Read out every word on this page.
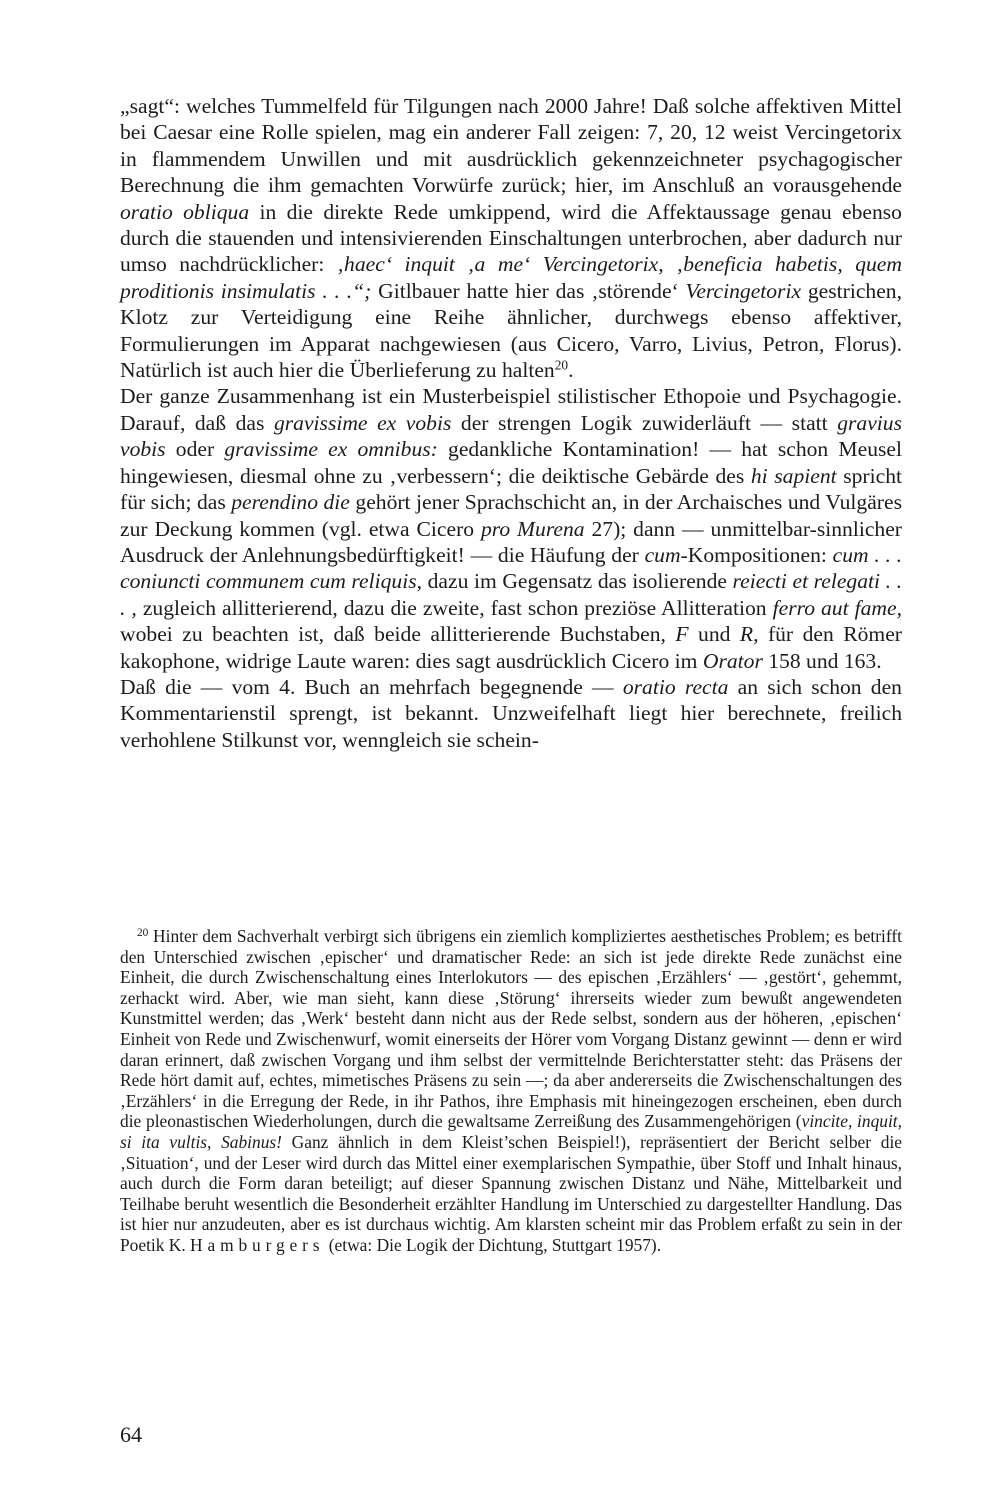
„sagt“: welches Tummelfeld für Tilgungen nach 2000 Jahre! Daß solche affektiven Mittel bei Caesar eine Rolle spielen, mag ein anderer Fall zeigen: 7, 20, 12 weist Vercingetorix in flammendem Unwillen und mit ausdrücklich gekennzeichneter psychagogischer Berechnung die ihm gemachten Vorwürfe zurück; hier, im Anschluß an vorausgehende oratio obliqua in die direkte Rede umkippend, wird die Affektaussage genau ebenso durch die stauenden und intensivierenden Einschaltungen unterbrochen, aber dadurch nur umso nachdrücklicher: ‚haec‘ inquit ‚a me‘ Vercingetorix, ‚beneficia habetis, quem proditionis insimulatis . . .“; Gitlbauer hatte hier das ‚störende‘ Vercingetorix gestrichen, Klotz zur Verteidigung eine Reihe ähnlicher, durchwegs ebenso affektiver, Formulierungen im Apparat nachgewiesen (aus Cicero, Varro, Livius, Petron, Florus). Natürlich ist auch hier die Überlieferung zu halten$^{20}$.

Der ganze Zusammenhang ist ein Musterbeispiel stilistischer Ethopoie und Psychagogie. Darauf, daß das gravissime ex vobis der strengen Logik zuwiderläuft — statt gravius vobis oder gravissime ex omnibus: gedankliche Kontamination! — hat schon Meusel hingewiesen, diesmal ohne zu ‚verbessern‘; die deiktische Gebärde des hi sapient spricht für sich; das perendino die gehört jener Sprachschicht an, in der Archaisches und Vulgäres zur Deckung kommen (vgl. etwa Cicero pro Murena 27); dann — unmittelbar-sinnlicher Ausdruck der Anlehnungsbedürftigkeit! — die Häufung der cum-Kompositionen: cum . . . coniuncti communem cum reliquis, dazu im Gegensatz das isolierende reiecti et relegati . . . , zugleich allitterierend, dazu die zweite, fast schon preziöse Allitteration ferro aut fame, wobei zu beachten ist, daß beide allitterierende Buchstaben, F und R, für den Römer kakophone, widrige Laute waren: dies sagt ausdrücklich Cicero im Orator 158 und 163.

Daß die — vom 4. Buch an mehrfach begegnende — oratio recta an sich schon den Kommentarienstil sprengt, ist bekannt. Unzweifelhaft liegt hier berechnete, freilich verhohlene Stilkunst vor, wenngleich sie schein-

$^{20}$ Hinter dem Sachverhalt verbirgt sich übrigens ein ziemlich kompliziertes aesthetisches Problem; es betrifft den Unterschied zwischen ‚epischer‘ und dramatischer Rede: an sich ist jede direkte Rede zunächst eine Einheit, die durch Zwischenschaltung eines Interlokutors — des epischen ‚Erzählers‘ — ‚gestört‘, gehemmt, zerhackt wird. Aber, wie man sieht, kann diese ‚Störung‘ ihrerseits wieder zum bewußt angewendeten Kunstmittel werden; das ‚Werk‘ besteht dann nicht aus der Rede selbst, sondern aus der höheren, ‚epischen‘ Einheit von Rede und Zwischenwurf, womit einerseits der Hörer vom Vorgang Distanz gewinnt — denn er wird daran erinnert, daß zwischen Vorgang und ihm selbst der vermittelnde Berichterstatter steht: das Präsens der Rede hört damit auf, echtes, mimetisches Präsens zu sein —; da aber andererseits die Zwischenschaltungen des ‚Erzählers‘ in die Erregung der Rede, in ihr Pathos, ihre Emphasis mit hineingezogen erscheinen, eben durch die pleonastischen Wiederholungen, durch die gewaltsame Zerreißung des Zusammengehörigen (vincite, inquit, si ita vultis, Sabinus! Ganz ähnlich in dem Kleist’schen Beispiel!), repräsentiert der Bericht selber die ‚Situation‘, und der Leser wird durch das Mittel einer exemplarischen Sympathie, über Stoff und Inhalt hinaus, auch durch die Form daran beteiligt; auf dieser Spannung zwischen Distanz und Nähe, Mittelbarkeit und Teilhabe beruht wesentlich die Besonderheit erzählter Handlung im Unterschied zu dargestellter Handlung. Das ist hier nur anzudeuten, aber es ist durchaus wichtig. Am klarsten scheint mir das Problem erfaßt zu sein in der Poetik K. Hamburgers (etwa: Die Logik der Dichtung, Stuttgart 1957).

64
